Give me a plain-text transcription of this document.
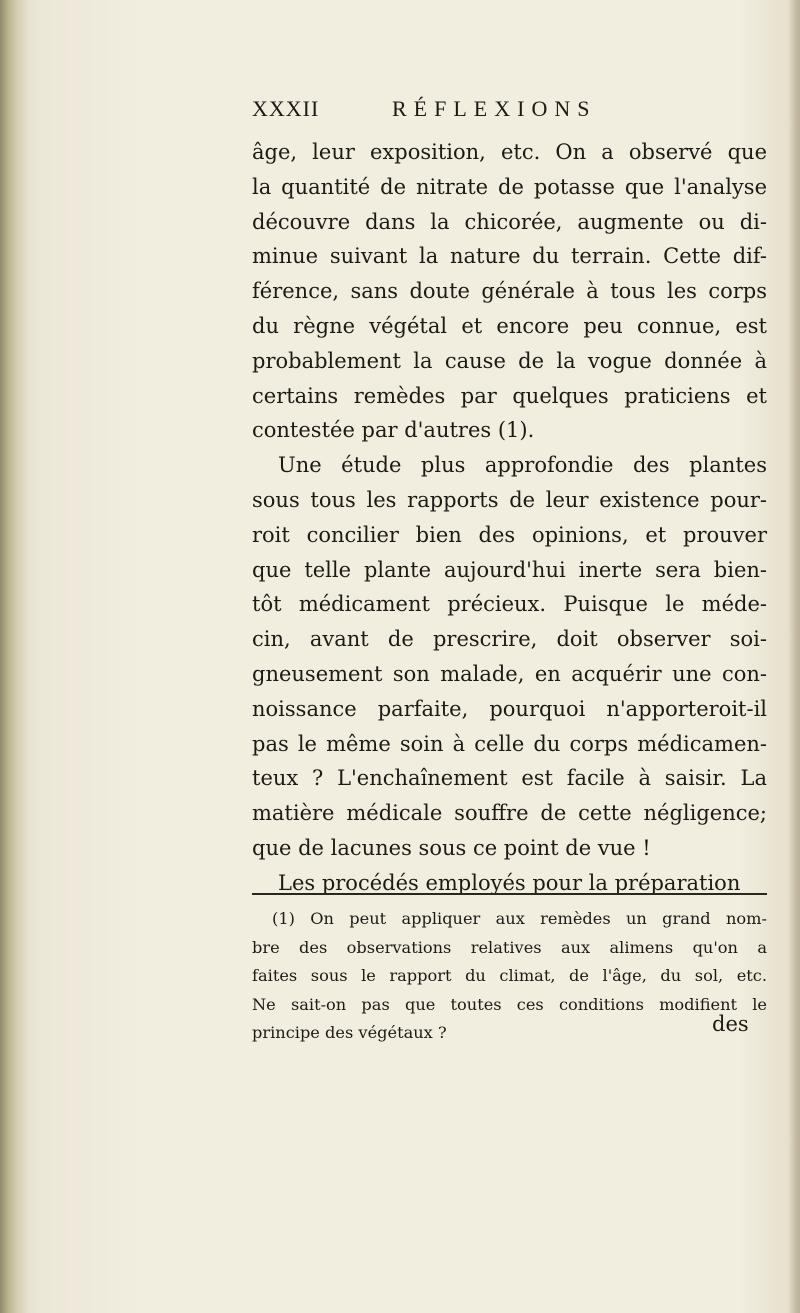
XXXII	RÉFLEXIONS
âge, leur exposition, etc. On a observé que
la quantité de nitrate de potasse que l'analyse
découvre dans la chicorée, augmente ou di-
minue suivant la nature du terrain. Cette dif-
férence, sans doute générale à tous les corps
du règne végétal et encore peu connue, est
probablement la cause de la vogue donnée à
certains remèdes par quelques praticiens et
contestée par d'autres (1).
Une étude plus approfondie des plantes
sous tous les rapports de leur existence pour-
roit concilier bien des opinions, et prouver
que telle plante aujourd'hui inerte sera bien-
tôt médicament précieux. Puisque le méde-
cin, avant de prescrire, doit observer soi-
gneusement son malade, en acquérir une con-
noissance parfaite, pourquoi n'apporteroit-il
pas le même soin à celle du corps médicamen-
teux ? L'enchaînement est facile à saisir. La
matière médicale souffre de cette négligence;
que de lacunes sous ce point de vue !
Les procédés employés pour la préparation
(1) On peut appliquer aux remèdes un grand nom-
bre des observations relatives aux alimens qu'on a
faites sous le rapport du climat, de l'âge, du sol, etc.
Ne sait-on pas que toutes ces conditions modifient le
principe des végétaux ?	des
